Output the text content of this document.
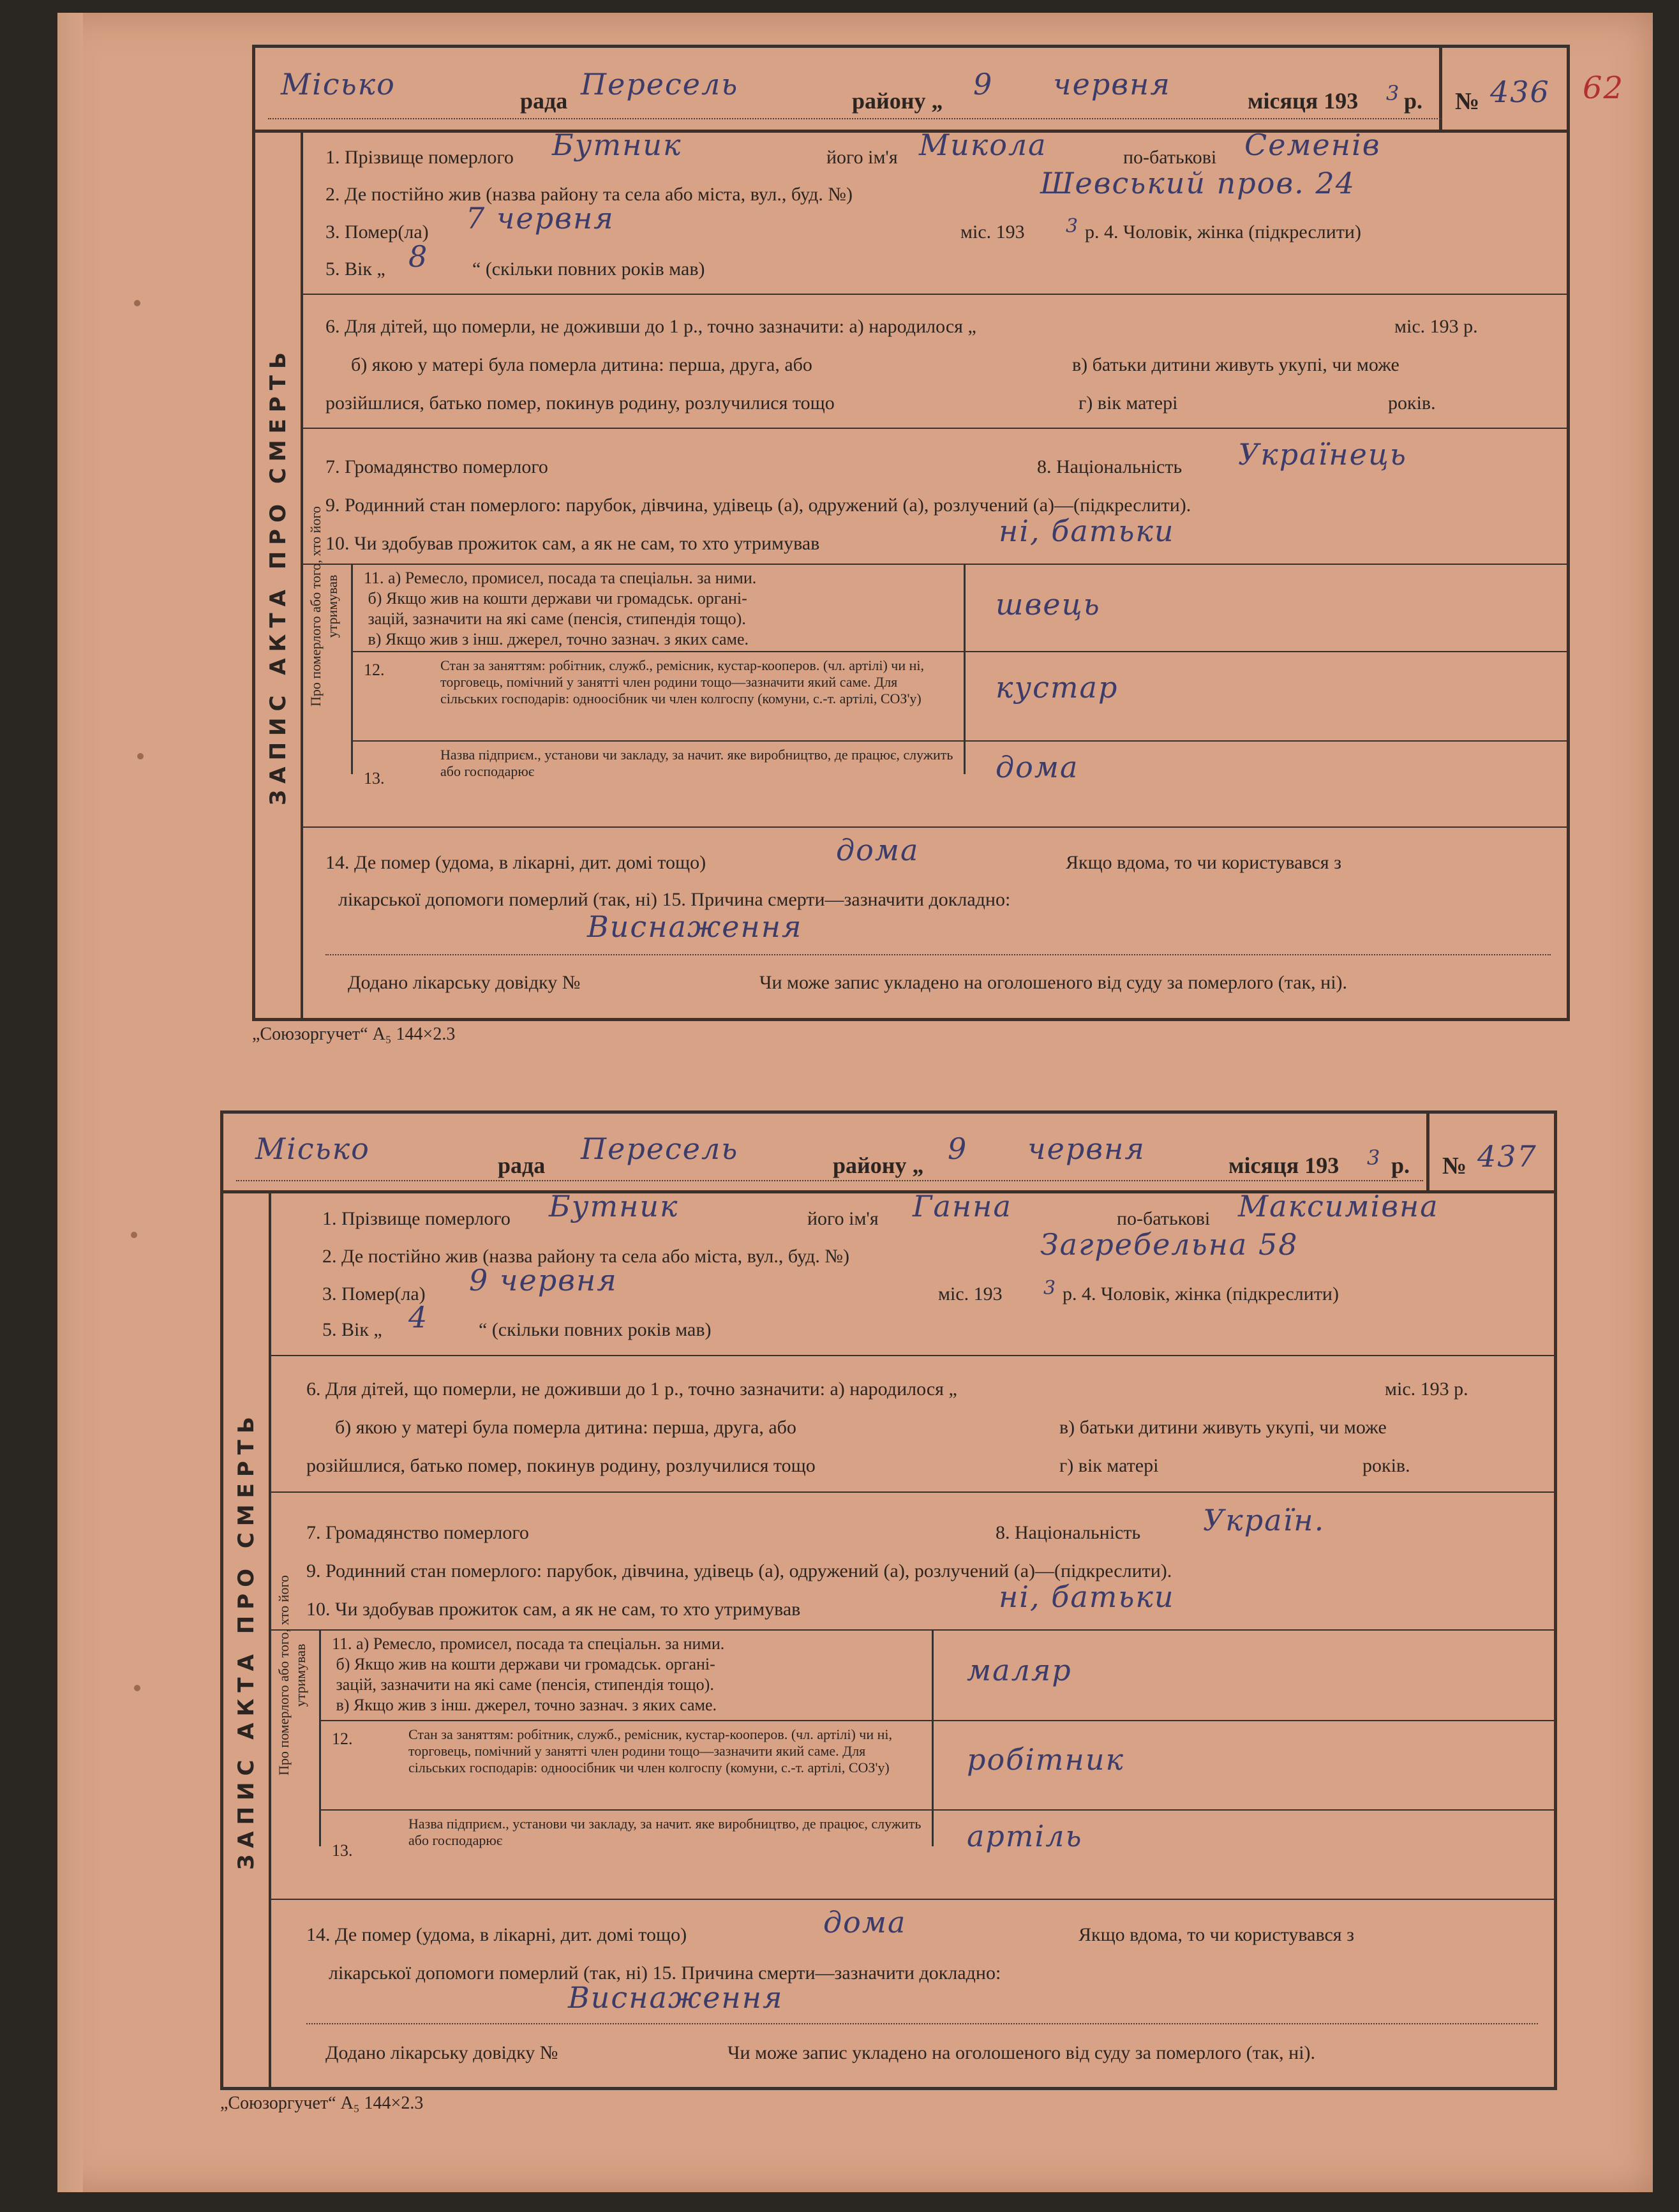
62
Місько	рада Пересель	району „ 9 червня	місяця 193 3 р. № 436
ЗАПИС АКТА ПРО СМЕРТЬ
1. Прізвище померлого Бутник	його ім'я Микола	по-батькові Семенів
2. Де постійно жив (назва району та села або міста, вул., буд. №)	Шевський пров. 24
3. Помер(ла) 7 червня	міс. 193 3 р. 4. Чоловік, жінка (підкреслити)
5. Вік „ 8 “ (скільки повних років мав)
6. Для дітей, що померли, не доживши до 1 р., точно зазначити: а) народилося „	міс. 193 р.
б) якою у матері була померла дитина: перша, друга, або	в) батьки дитини живуть укупі, чи може
розійшлися, батько помер, покинув родину, розлучилися тощо	г) вік матері	років.
7. Громадянство померлого	8. Національність Українець
9. Родинний стан померлого: парубок, дівчина, удівець (а), одружений (а), розлучений (а)—(підкреслити).
10. Чи здобував прожиток сам, а як не сам, то хто утримував	ні, батьки
Про померлого або того, хто його утримував 11. а) Ремесло, промисел, посада та спеціальн. за ними.
б) Якщо жив на кошти держави чи громадськ. органі-
зацій, зазначити на які саме (пенсія, стипендія тощо).
в) Якщо жив з інш. джерел, точно зазнач. з яких саме.
швець
12.	Стан за заняттям: робітник, служб., ремісник, кустар-кооперов. (чл. артілі) чи ні, торговець, помічний у занятті член родини тощо—зазначити який саме. Для сільських господарів: одноосібник чи член колгоспу (комуни, с.-т. артілі, СОЗ'у)	кустар
13.
Назва підприєм., установи чи закладу, за начит. яке виробництво, де працює, служить або господарює	дома
14. Де помер (удома, в лікарні, дит. домі тощо)	дома	Якщо вдома, то чи користувався з
лікарської допомоги померлий (так, ні) 15. Причина смерти—зазначити докладно:
Виснаження
Додано лікарську довідку №	Чи може запис укладено на оголошеного від суду за померлого (так, ні).
„Союзоргучет“ А₅ 144×2.3
Місько	рада Пересель	району „ 9 червня	місяця 193 3 р. № 437
ЗАПИС АКТА ПРО СМЕРТЬ
1. Прізвище померлого Бутник	його ім'я Ганна	по-батькові Максимівна
2. Де постійно жив (назва району та села або міста, вул., буд. №)	Загребельна 58
3. Помер(ла) 9 червня	міс. 193 3 р. 4. Чоловік, жінка (підкреслити)
5. Вік „ 4	“ (скільки повних років мав)
6. Для дітей, що померли, не доживши до 1 р., точно зазначити: а) народилося „	міс. 193 р.
б) якою у матері була померла дитина: перша, друга, або	в) батьки дитини живуть укупі, чи може
розійшлися, батько помер, покинув родину, розлучилися тощо	г) вік матері	років.
7. Громадянство померлого	8. Національність Україн.
9. Родинний стан померлого: парубок, дівчина, удівець (а), одружений (а), розлучений (а)—(підкреслити).
10. Чи здобував прожиток сам, а як не сам, то хто утримував	ні, батьки
Про померлого або того, хто його утримував
11. а) Ремесло, промисел, посада та спеціальн. за ними.
б) Якщо жив на кошти держави чи громадськ. органі-
зацій, зазначити на які саме (пенсія, стипендія тощо).
в) Якщо жив з інш. джерел, точно зазнач. з яких саме.
маляр
12.	Стан за заняттям: робітник, служб., ремісник, кустар-кооперов. (чл. артілі) чи ні, торговець, помічний у занятті член родини тощо—зазначити який саме. Для сільських господарів: одноосібник чи член колгоспу (комуни, с.-т. артілі, СОЗ'у)	робітник
13.
Назва підприєм., установи чи закладу, за начит. яке виробництво, де працює, служить або господарює	артіль
14. Де помер (удома, в лікарні, дит. домі тощо)	дома	Якщо вдома, то чи користувався з
лікарської допомоги померлий (так, ні) 15. Причина смерти—зазначити докладно:
Виснаження
Додано лікарську довідку №	Чи може запис укладено на оголошеного від суду за померлого (так, ні).
„Союзоргучет“ А₅ 144×2.3
